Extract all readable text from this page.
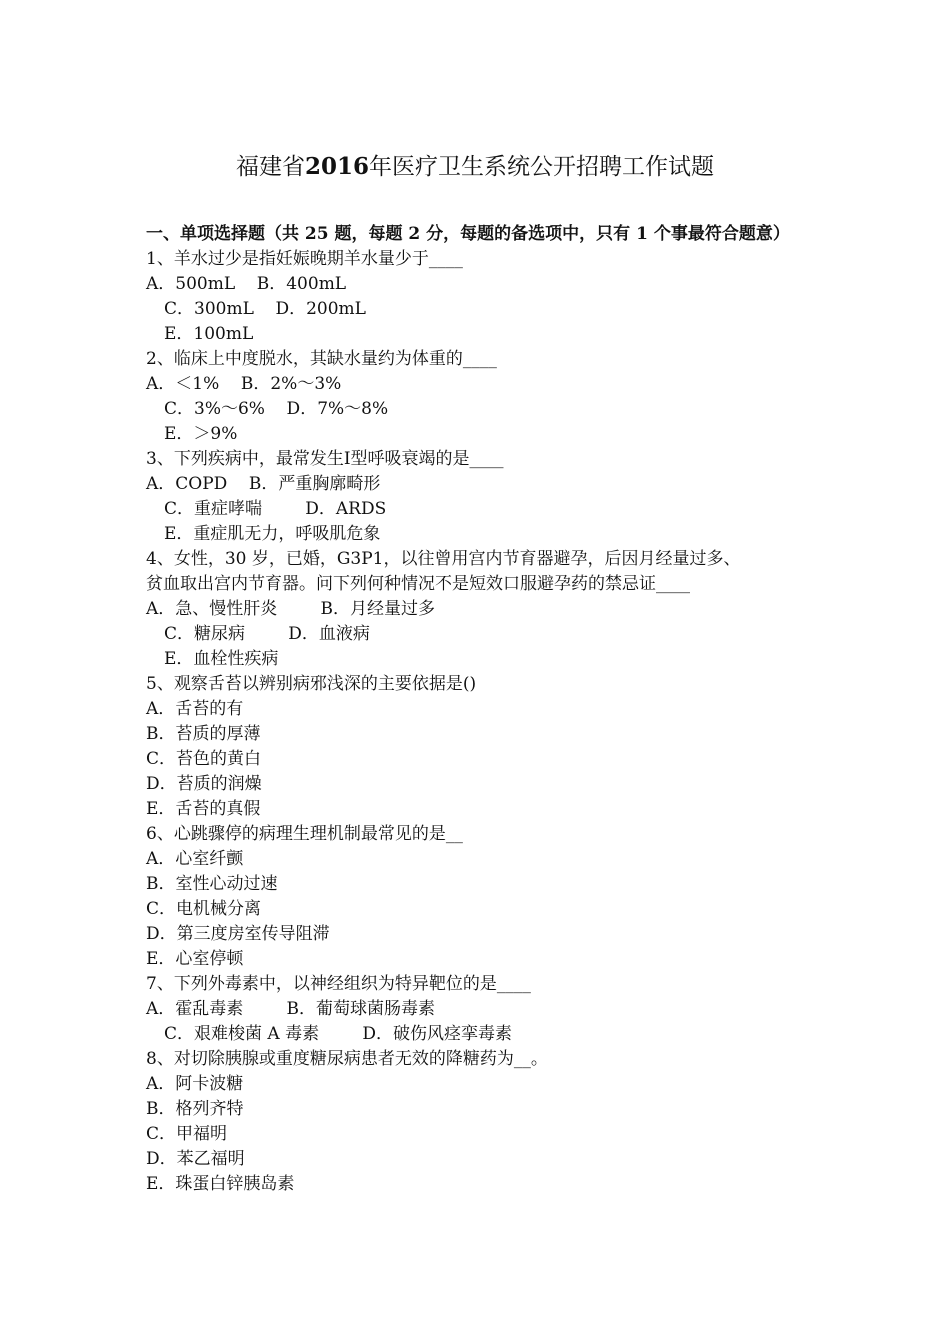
福建省2016年医疗卫生系统公开招聘工作试题

一、单项选择题（共 25 题，每题 2 分，每题的备选项中，只有 1 个事最符合题意）

1、羊水过少是指妊娠晚期羊水量少于____

A．500mL    B．400mL

C．300mL    D．200mL

E．100mL

2、临床上中度脱水，其缺水量约为体重的____

A．＜1%    B．2%～3%

C．3%～6%    D．7%～8%

E．＞9%

3、下列疾病中，最常发生Ⅰ型呼吸衰竭的是____

A．COPD    B．严重胸廓畸形

C．重症哮喘        D．ARDS

E．重症肌无力，呼吸肌危象

4、女性，30 岁，已婚，G3P1，以往曾用宫内节育器避孕，后因月经量过多、

贫血取出宫内节育器。问下列何种情况不是短效口服避孕药的禁忌证____

A．急、慢性肝炎        B．月经量过多

C．糖尿病        D．血液病

E．血栓性疾病

5、观察舌苔以辨别病邪浅深的主要依据是()

A．舌苔的有

B．苔质的厚薄

C．苔色的黄白

D．苔质的润燥

E．舌苔的真假

6、心跳骤停的病理生理机制最常见的是__

A．心室纤颤

B．室性心动过速

C．电机械分离

D．第三度房室传导阻滞

E．心室停顿

7、下列外毒素中，以神经组织为特异靶位的是____

A．霍乱毒素        B．葡萄球菌肠毒素

C．艰难梭菌 A 毒素        D．破伤风痉挛毒素

8、对切除胰腺或重度糖尿病患者无效的降糖药为__。

A．阿卡波糖

B．格列齐特

C．甲福明

D．苯乙福明

E．珠蛋白锌胰岛素
